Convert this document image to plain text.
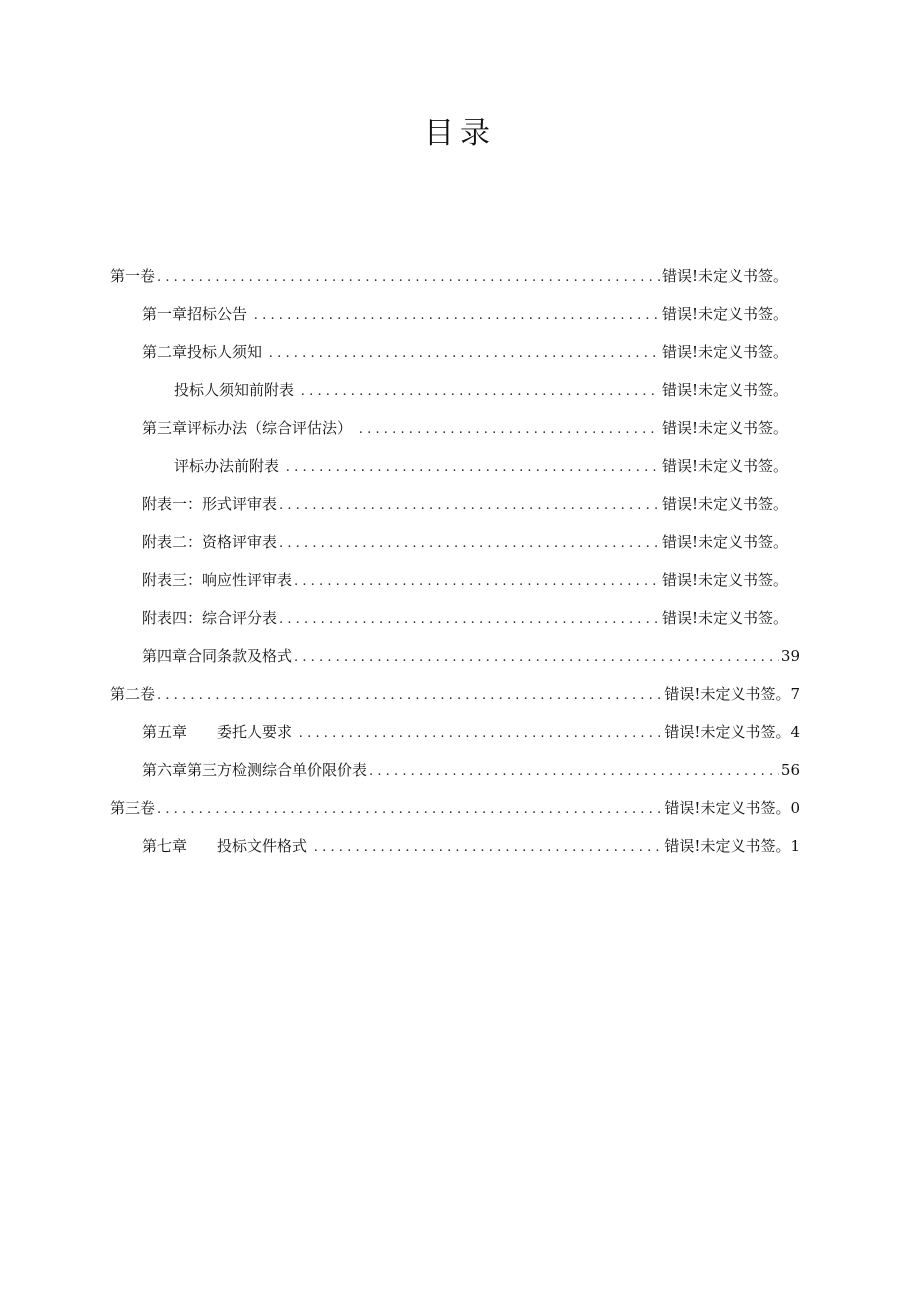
目录
第一卷 .....	错误!未定义书签。
第一章招标公告 .....	错误!未定义书签。
第二章投标人须知 .....	错误!未定义书签。
投标人须知前附表 .....	错误!未定义书签。
第三章评标办法（综合评估法） .....	错误!未定义书签。
评标办法前附表 .....	错误!未定义书签。
附表一：形式评审表 .....	错误!未定义书签。
附表二：资格评审表 .....	错误!未定义书签。
附表三：响应性评审表 .....	错误!未定义书签。
附表四：综合评分表 .....	错误!未定义书签。
第四章合同条款及格式 .....	39
第二卷 .....	错误!未定义书签。7
第五章　　委托人要求 .....	错误!未定义书签。4
第六章第三方检测综合单价限价表 .....	56
第三卷 .....	错误!未定义书签。0
第七章　　投标文件格式 .....	错误!未定义书签。1
